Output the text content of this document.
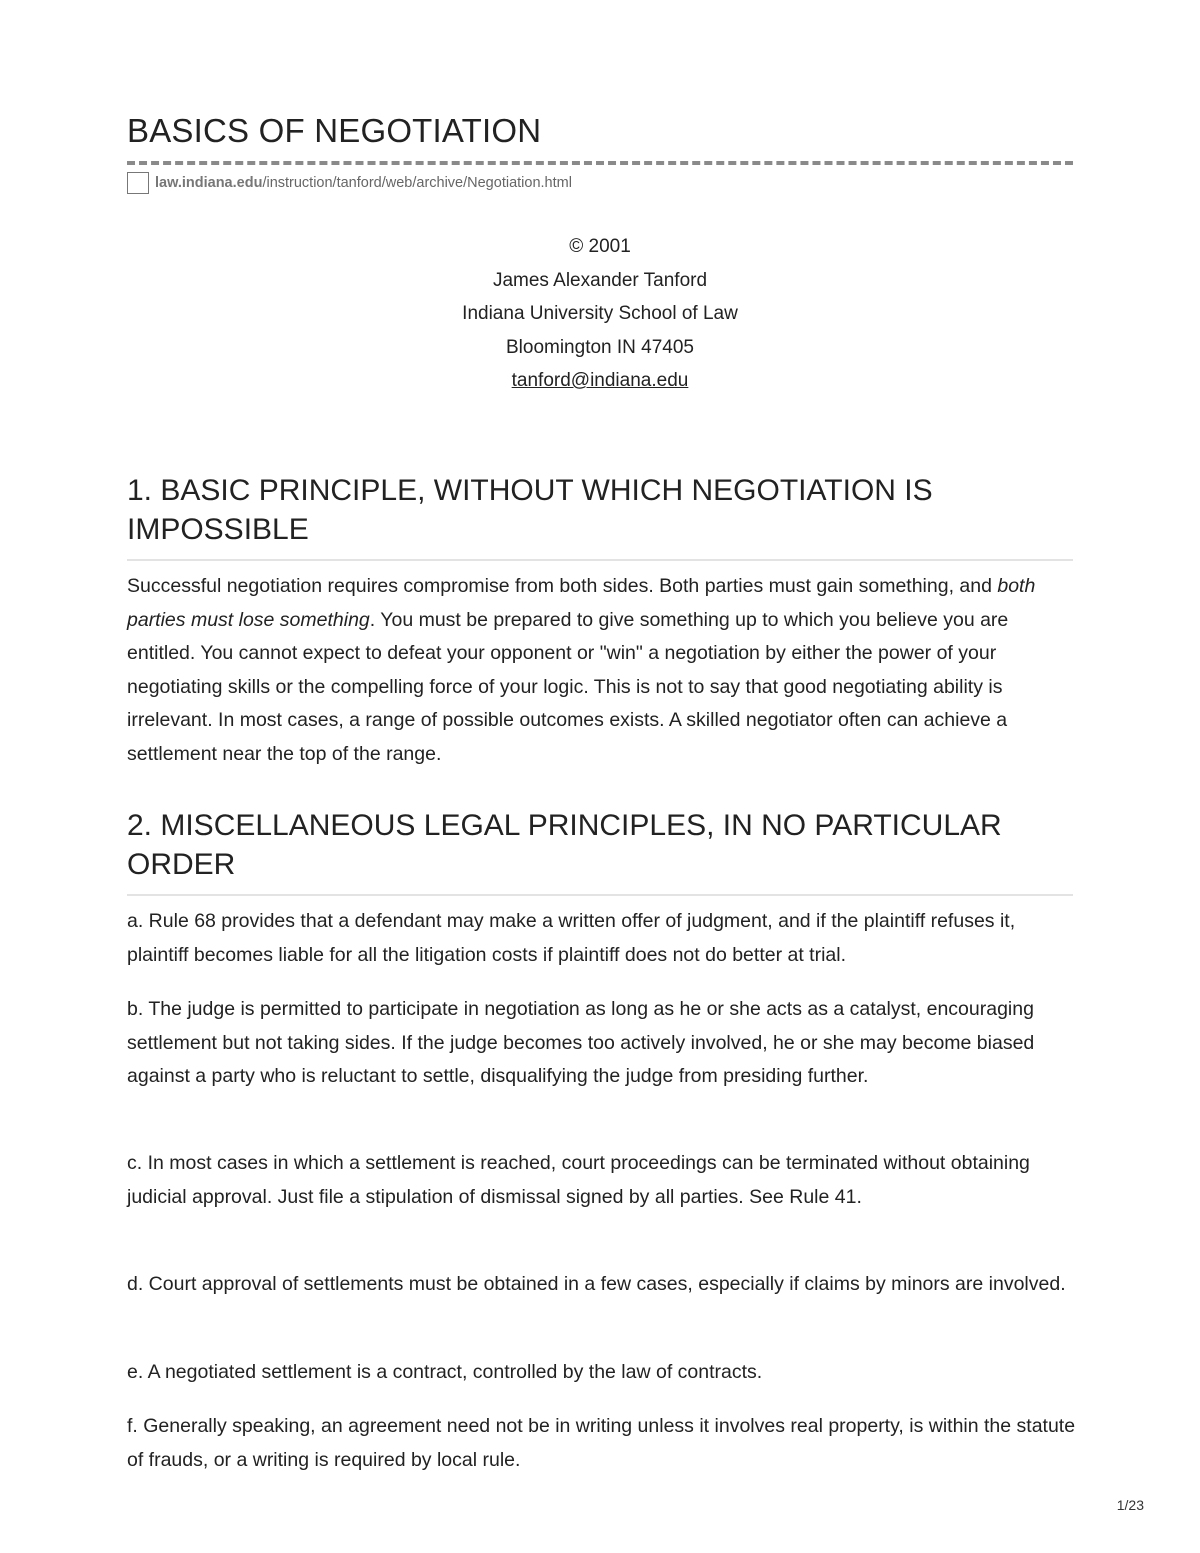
BASICS OF NEGOTIATION
law.indiana.edu /instruction/tanford/web/archive/Negotiation.html
© 2001
James Alexander Tanford
Indiana University School of Law
Bloomington IN 47405
tanford@indiana.edu
1. BASIC PRINCIPLE, WITHOUT WHICH NEGOTIATION IS IMPOSSIBLE

Successful negotiation requires compromise from both sides. Both parties must gain something, and both parties must lose something. You must be prepared to give something up to which you believe you are entitled. You cannot expect to defeat your opponent or "win" a negotiation by either the power of your negotiating skills or the compelling force of your logic. This is not to say that good negotiating ability is irrelevant. In most cases, a range of possible outcomes exists. A skilled negotiator often can achieve a settlement near the top of the range.

2. MISCELLANEOUS LEGAL PRINCIPLES, IN NO PARTICULAR ORDER

a. Rule 68 provides that a defendant may make a written offer of judgment, and if the plaintiff refuses it, plaintiff becomes liable for all the litigation costs if plaintiff does not do better at trial.

b. The judge is permitted to participate in negotiation as long as he or she acts as a catalyst, encouraging settlement but not taking sides. If the judge becomes too actively involved, he or she may become biased against a party who is reluctant to settle, disqualifying the judge from presiding further.

c. In most cases in which a settlement is reached, court proceedings can be terminated without obtaining judicial approval. Just file a stipulation of dismissal signed by all parties. See Rule 41.

d. Court approval of settlements must be obtained in a few cases, especially if claims by minors are involved.

e. A negotiated settlement is a contract, controlled by the law of contracts.

f. Generally speaking, an agreement need not be in writing unless it involves real property, is within the statute of frauds, or a writing is required by local rule.

1/23
